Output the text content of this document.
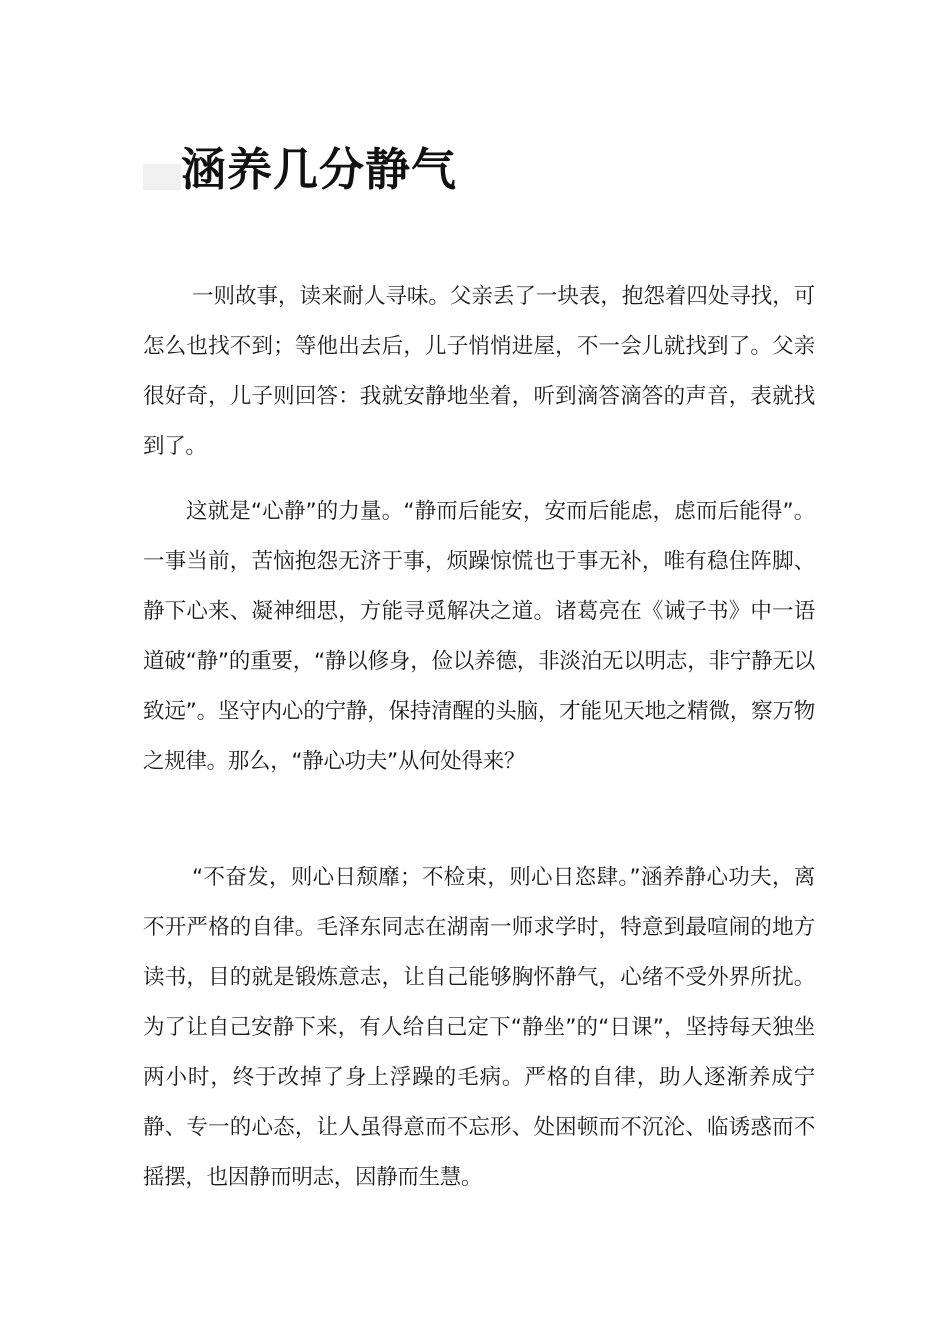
涵养几分静气

一则故事，读来耐人寻味。父亲丢了一块表，抱怨着四处寻找，可怎么也找不到；等他出去后，儿子悄悄进屋，不一会儿就找到了。父亲很好奇，儿子则回答：我就安静地坐着，听到滴答滴答的声音，表就找到了。

这就是“心静”的力量。“静而后能安，安而后能虑，虑而后能得”。一事当前，苦恼抱怨无济于事，烦躁惊慌也于事无补，唯有稳住阵脚、静下心来、凝神细思，方能寻觅解决之道。诸葛亮在《诫子书》中一语道破“静”的重要，“静以修身，俭以养德，非淡泊无以明志，非宁静无以致远”。坚守内心的宁静，保持清醒的头脑，才能见天地之精微，察万物之规律。那么，“静心功夫”从何处得来？

“不奋发，则心日颓靡；不检束，则心日恣肆。”涵养静心功夫，离不开严格的自律。毛泽东同志在湖南一师求学时，特意到最喧闹的地方读书，目的就是锻炼意志，让自己能够胸怀静气，心绪不受外界所扰。为了让自己安静下来，有人给自己定下“静坐”的“日课”，坚持每天独坐两小时，终于改掉了身上浮躁的毛病。严格的自律，助人逐渐养成宁静、专一的心态，让人虽得意而不忘形、处困顿而不沉沦、临诱惑而不摇摆，也因静而明志，因静而生慧。
